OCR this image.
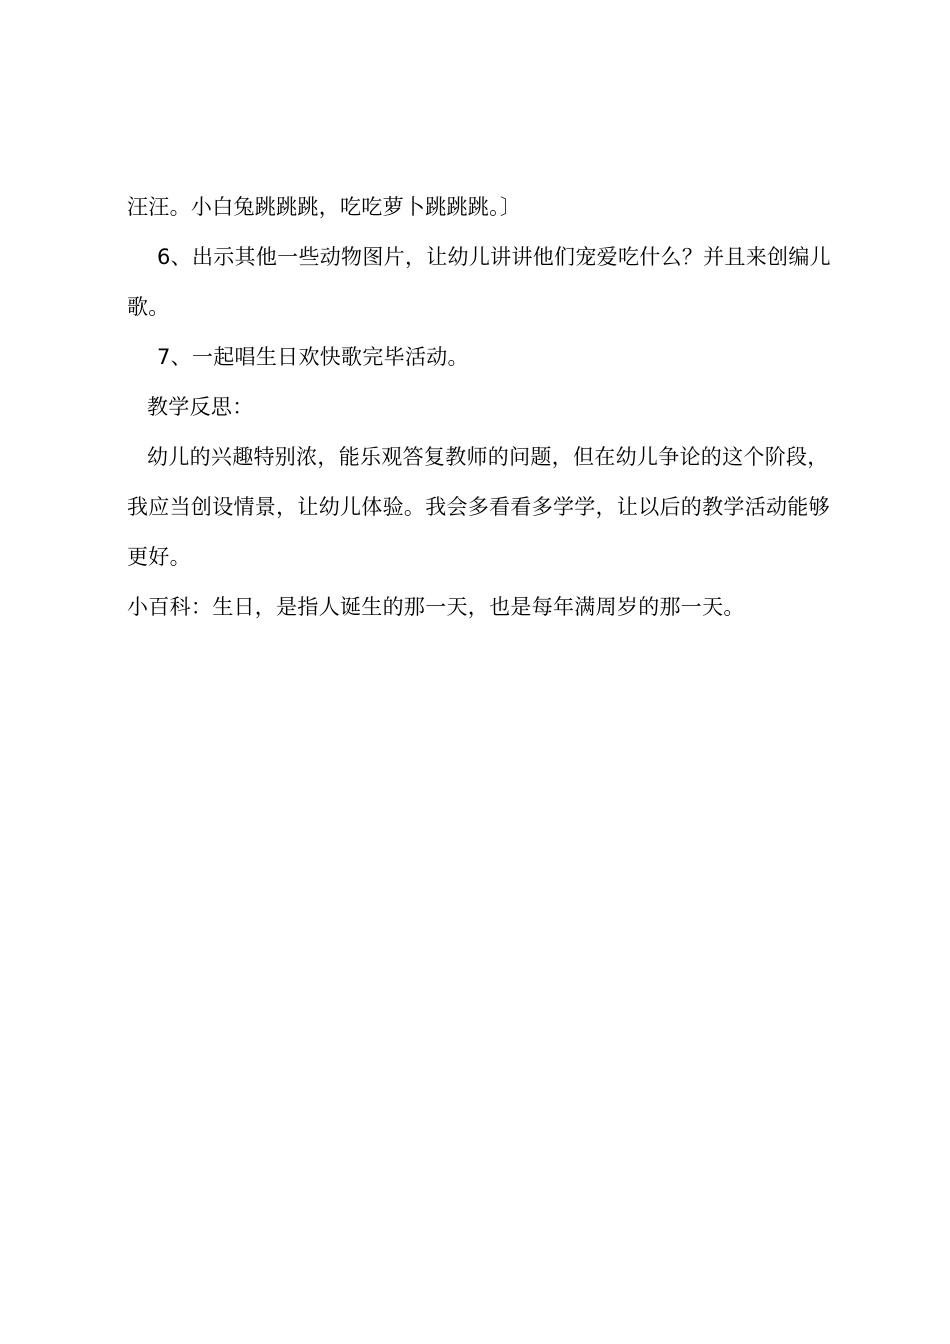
汪汪。小白兔跳跳跳，吃吃萝卜跳跳跳。〕

6、出示其他一些动物图片，让幼儿讲讲他们宠爱吃什么？并且来创编儿歌。

7、一起唱生日欢快歌完毕活动。

教学反思：

幼儿的兴趣特别浓，能乐观答复教师的问题，但在幼儿争论的这个阶段，我应当创设情景，让幼儿体验。我会多看看多学学，让以后的教学活动能够更好。

小百科：生日，是指人诞生的那一天，也是每年满周岁的那一天。
